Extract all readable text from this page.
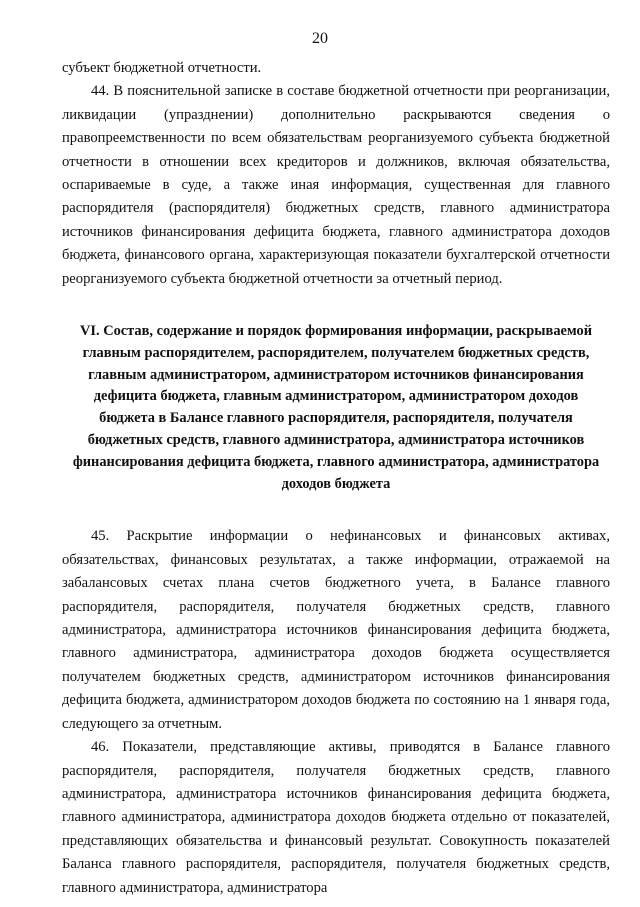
20

субъект бюджетной отчетности.

44. В пояснительной записке в составе бюджетной отчетности при реорганизации, ликвидации (упразднении) дополнительно раскрываются сведения о правопреемственности по всем обязательствам реорганизуемого субъекта бюджетной отчетности в отношении всех кредиторов и должников, включая обязательства, оспариваемые в суде, а также иная информация, существенная для главного распорядителя (распорядителя) бюджетных средств, главного администратора источников финансирования дефицита бюджета, главного администратора доходов бюджета, финансового органа, характеризующая показатели бухгалтерской отчетности реорганизуемого субъекта бюджетной отчетности за отчетный период.

VI. Состав, содержание и порядок формирования информации, раскрываемой главным распорядителем, распорядителем, получателем бюджетных средств, главным администратором, администратором источников финансирования дефицита бюджета, главным администратором, администратором доходов бюджета в Балансе главного распорядителя, распорядителя, получателя бюджетных средств, главного администратора, администратора источников финансирования дефицита бюджета, главного администратора, администратора доходов бюджета

45. Раскрытие информации о нефинансовых и финансовых активах, обязательствах, финансовых результатах, а также информации, отражаемой на забалансовых счетах плана счетов бюджетного учета, в Балансе главного распорядителя, распорядителя, получателя бюджетных средств, главного администратора, администратора источников финансирования дефицита бюджета, главного администратора, администратора доходов бюджета осуществляется получателем бюджетных средств, администратором источников финансирования дефицита бюджета, администратором доходов бюджета по состоянию на 1 января года, следующего за отчетным.

46. Показатели, представляющие активы, приводятся в Балансе главного распорядителя, распорядителя, получателя бюджетных средств, главного администратора, администратора источников финансирования дефицита бюджета, главного администратора, администратора доходов бюджета отдельно от показателей, представляющих обязательства и финансовый результат. Совокупность показателей Баланса главного распорядителя, распорядителя, получателя бюджетных средств, главного администратора, администратора
